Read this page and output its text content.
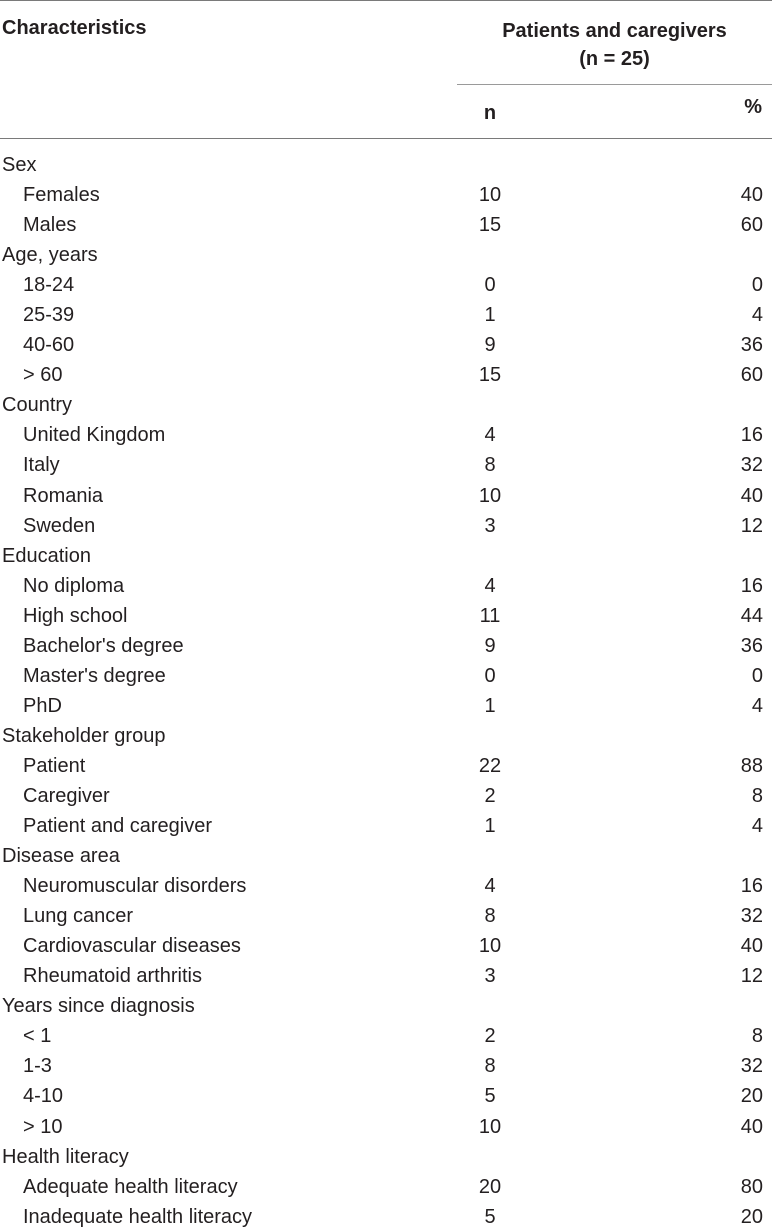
Characteristics	Patients and caregivers
(n = 25)
n	%
Sex
Females	10	40
Males	15	60
Age, years
18-24	0	0
25-39	1	4
40-60	9	36
> 60	15	60
Country
United Kingdom	4	16
Italy	8	32
Romania	10	40
Sweden	3	12
Education
No diploma	4	16
High school	11	44
Bachelor's degree	9	36
Master's degree	0	0
PhD	1	4
Stakeholder group
Patient	22	88
Caregiver	2	8
Patient and caregiver	1	4
Disease area
Neuromuscular disorders	4	16
Lung cancer	8	32
Cardiovascular diseases	10	40
Rheumatoid arthritis	3	12
Years since diagnosis
< 1	2	8
1-3	8	32
4-10	5	20
> 10	10	40
Health literacy
Adequate health literacy	20	80
Inadequate health literacy	5	20
